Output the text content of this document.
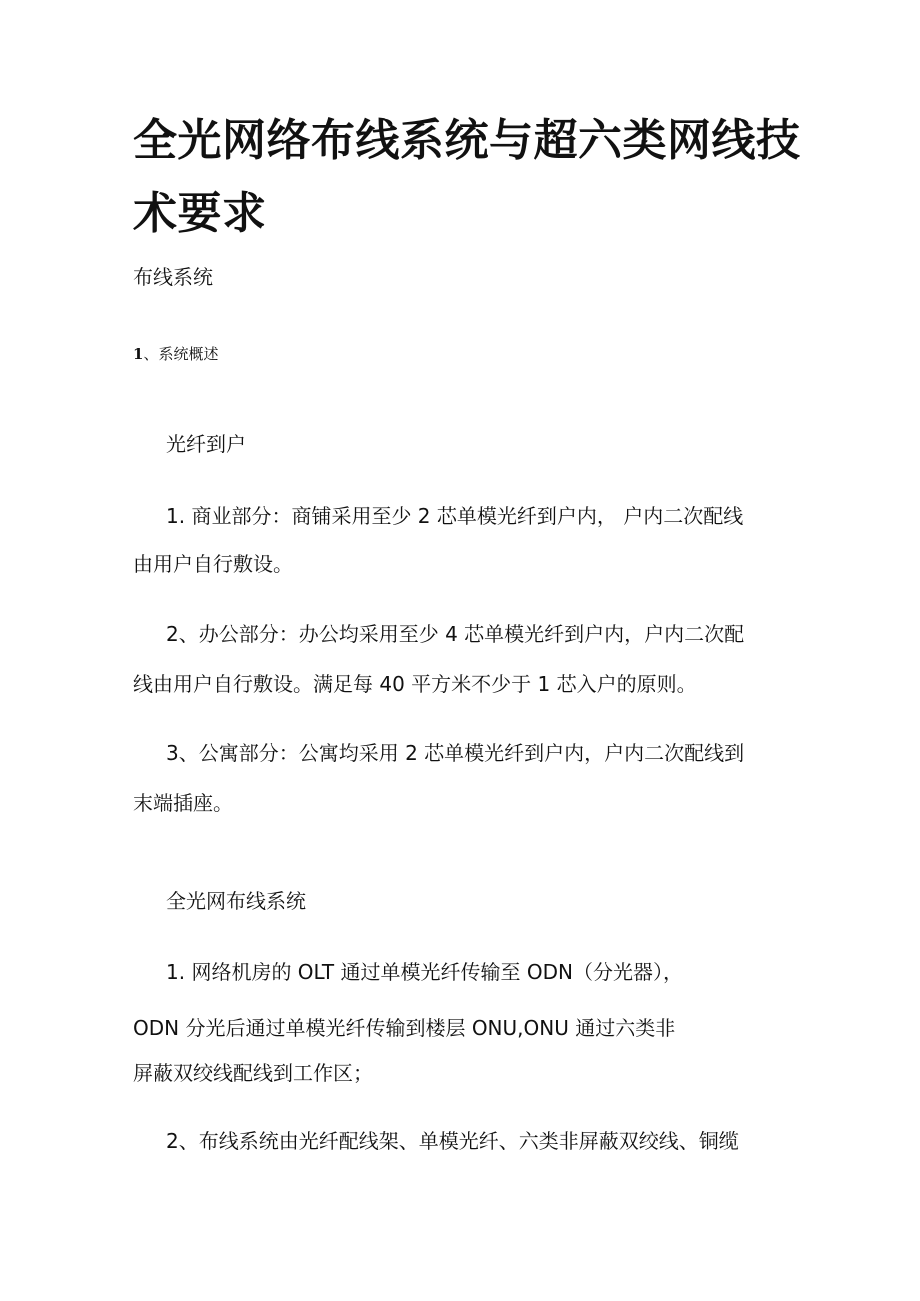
全光网络布线系统与超六类网线技
术要求
布线系统
1、系统概述
光纤到户
1. 商业部分：商铺采用至少 2 芯单模光纤到户内， 户内二次配线
由用户自行敷设。
2、办公部分：办公均采用至少 4 芯单模光纤到户内，户内二次配
线由用户自行敷设。满足每 40 平方米不少于 1 芯入户的原则。
3、公寓部分：公寓均采用 2 芯单模光纤到户内，户内二次配线到
末端插座。
全光网布线系统
1. 网络机房的 OLT 通过单模光纤传输至 ODN（分光器），
ODN 分光后通过单模光纤传输到楼层 ONU,ONU 通过六类非
屏蔽双绞线配线到工作区；
2、布线系统由光纤配线架、单模光纤、六类非屏蔽双绞线、铜缆
